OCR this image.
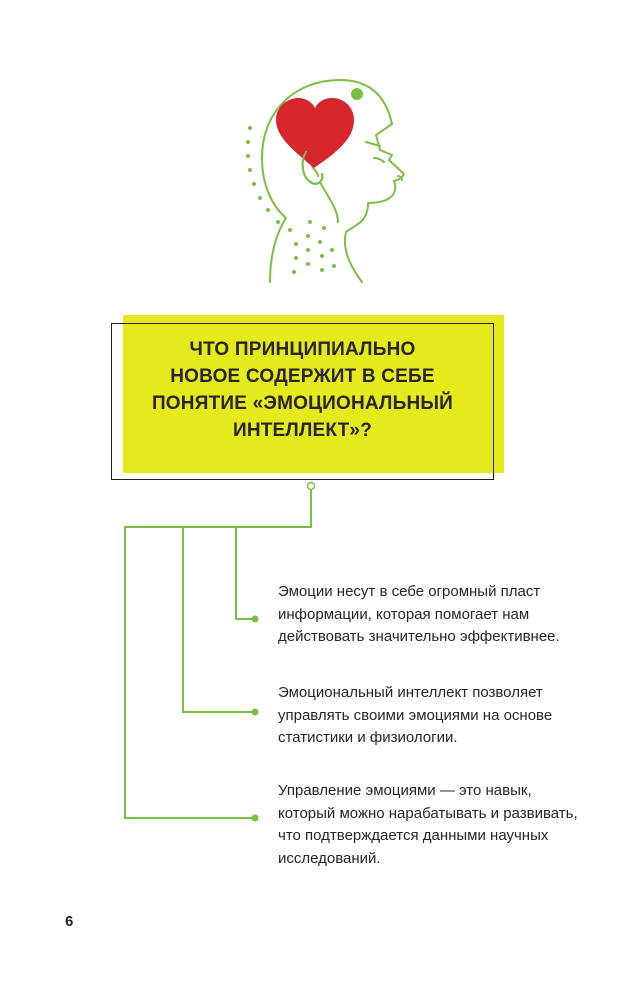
ЧТО ПРИНЦИПИАЛЬНО
НОВОЕ СОДЕРЖИТ В СЕБЕ
ПОНЯТИЕ «ЭМОЦИОНАЛЬНЫЙ
ИНТЕЛЛЕКТ»?
Эмоции несут в себе огромный пласт
информации, которая помогает нам
действовать значительно эффективнее.
Эмоциональный интеллект позволяет
управлять своими эмоциями на основе
статистики и физиологии.
Управление эмоциями — это навык,
который можно нарабатывать и развивать,
что подтверждается данными научных
исследований.
6
